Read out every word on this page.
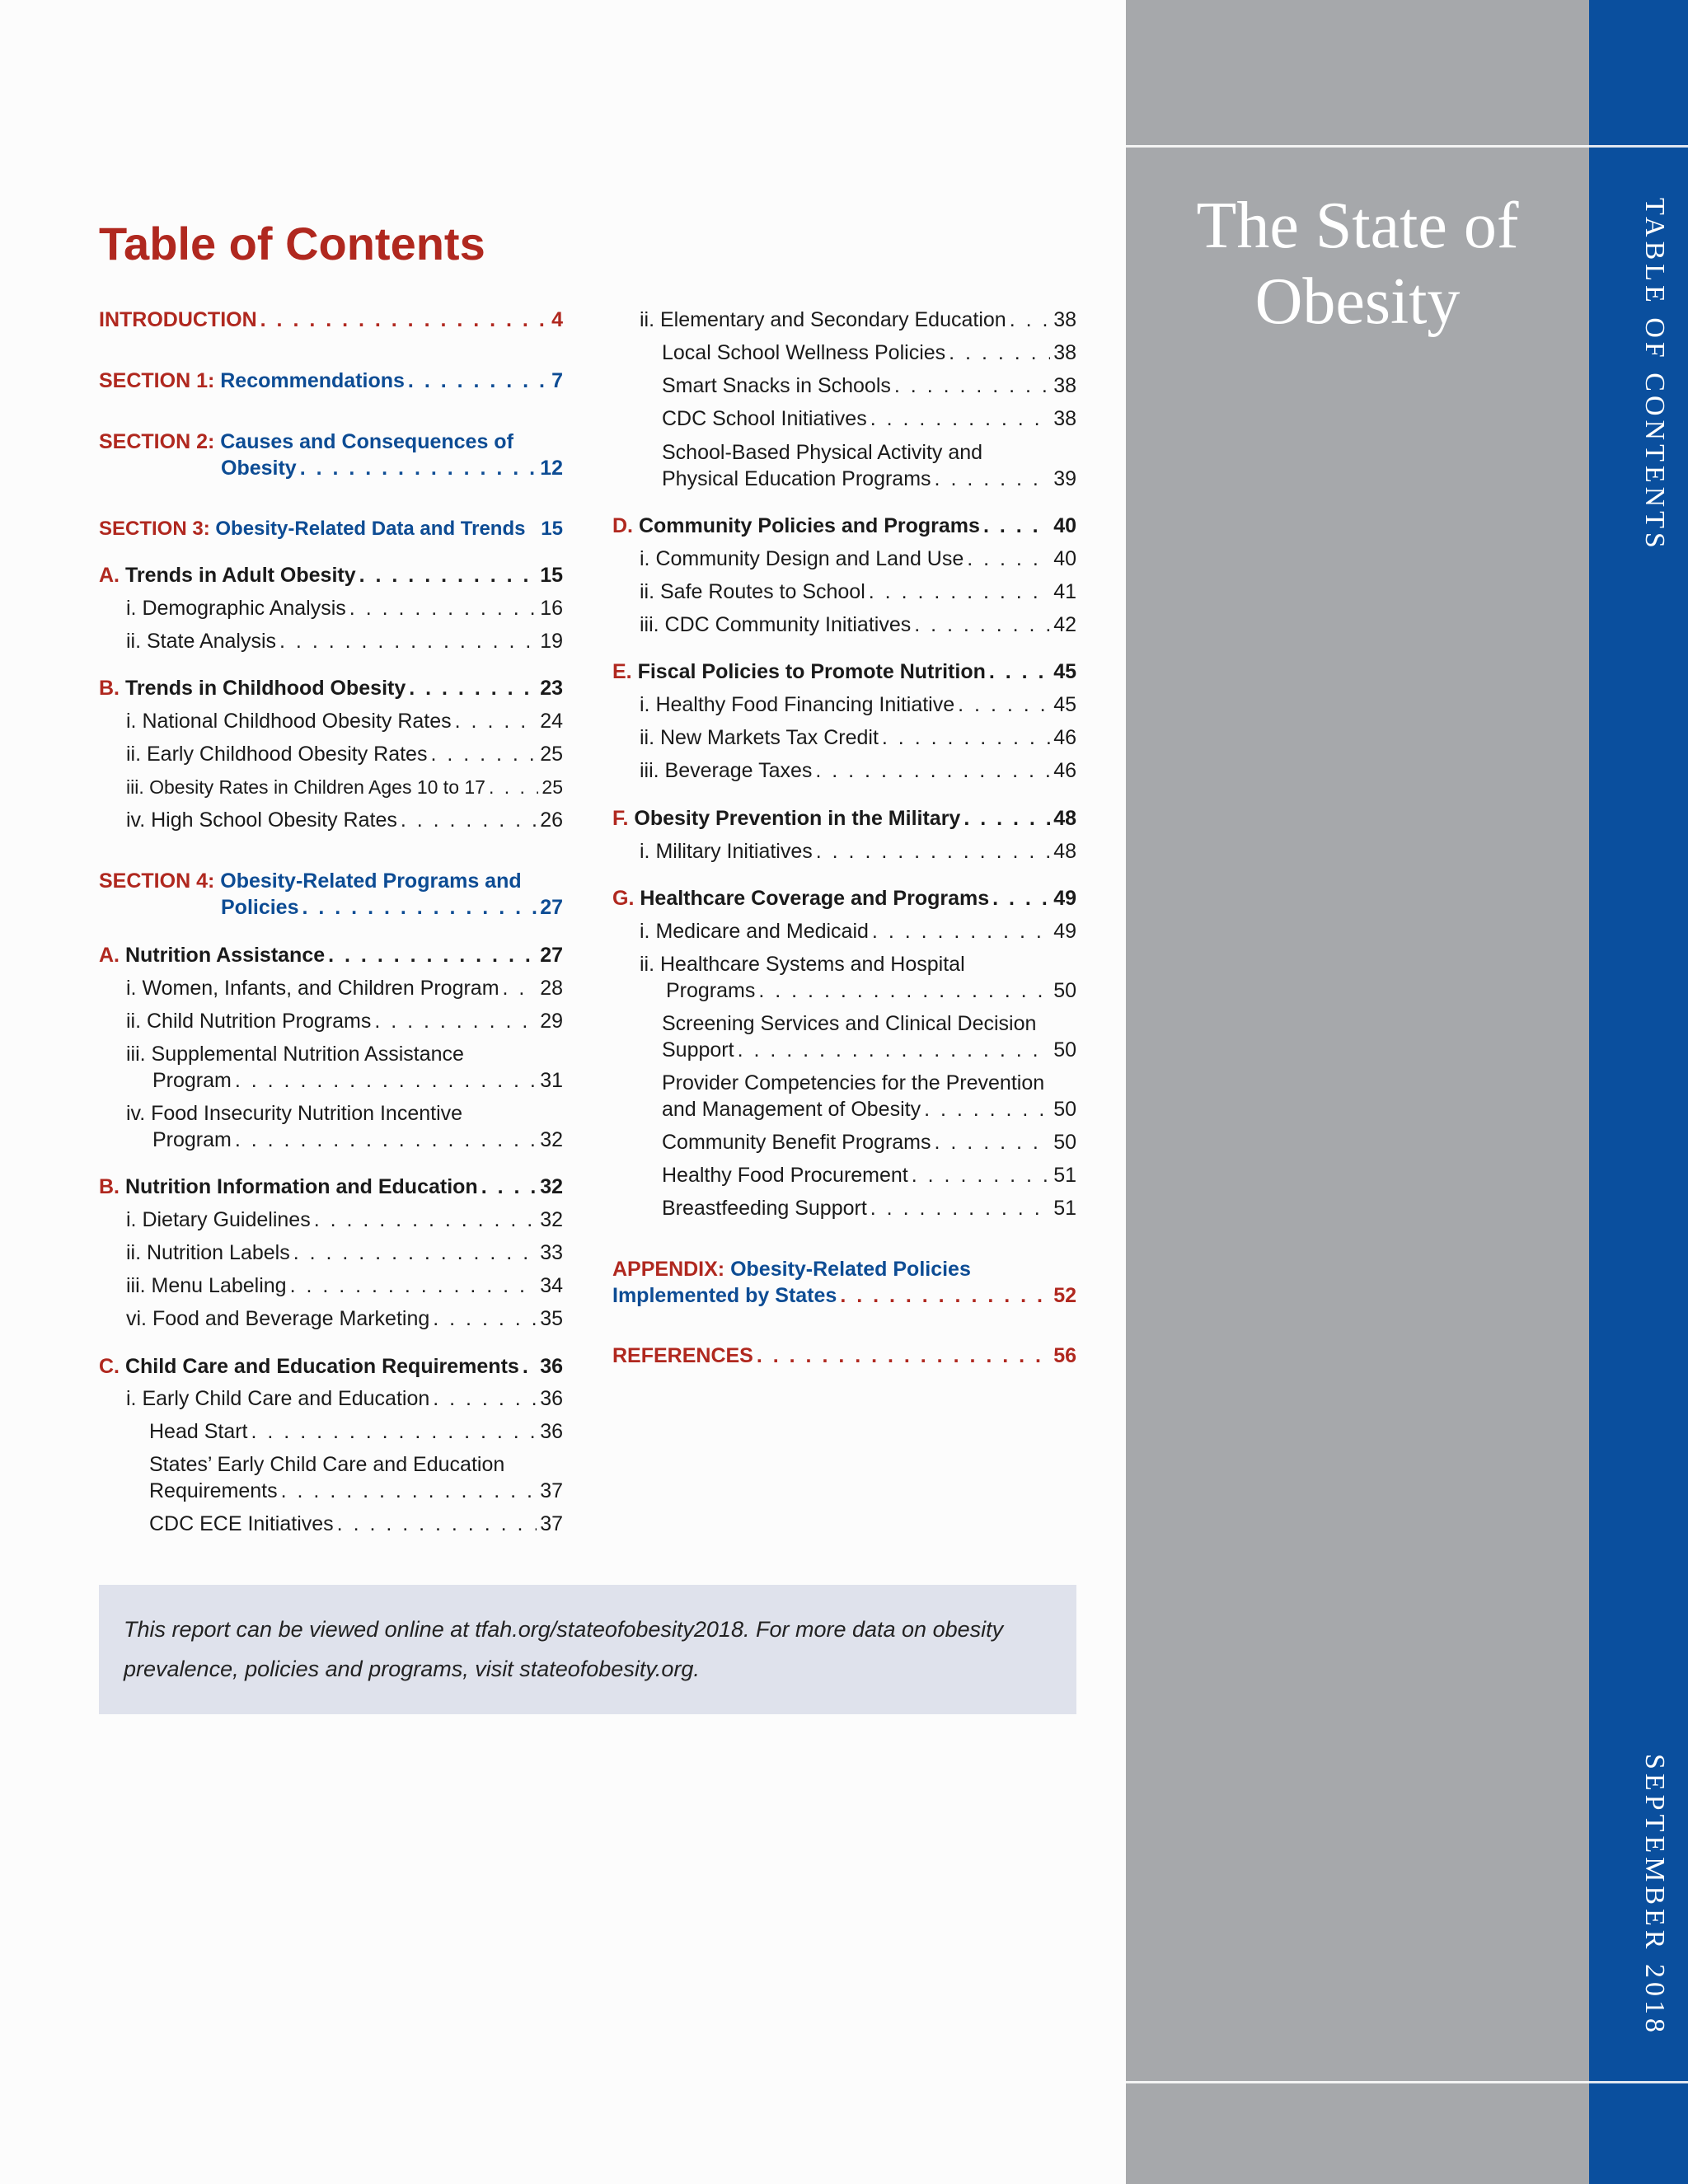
The State of Obesity	TABLE OF CONTENTS
SEPTEMBER 2018
Table of Contents
INTRODUCTION . . .	4
SECTION 1:
Recommendations . . .	7
SECTION 2:
Causes and Consequences of
Obesity . . .	12
SECTION 3:
Obesity-Related Data and Trends 15
A.
Trends in Adult Obesity . . .	15
i. Demographic Analysis . . .	16
ii. State Analysis . . .	19
B.
Trends in Childhood Obesity . . .	23
i. National Childhood Obesity Rates . . .	24
ii. Early Childhood Obesity Rates . . .	25
iii. Obesity Rates in Children Ages 10 to 17 . . .	25
iv. High School Obesity Rates . . .	26
SECTION 4:
Obesity-Related Programs and
Policies . . .	27
A.
Nutrition Assistance . . .	27
i. Women, Infants, and Children Program . . . 28
ii. Child Nutrition Programs . . .	29
iii. Supplemental Nutrition Assistance
Program . . .	31
iv. Food Insecurity Nutrition Incentive
Program . . .	32
B.
Nutrition Information and Education . . .	32
i. Dietary Guidelines . . .	32
ii. Nutrition Labels . . .	33
iii. Menu Labeling . . .	34
vi. Food and Beverage Marketing . . .	35
C.
Child Care and Education Requirements . . . 36
i. Early Child Care and Education . . .	36
Head Start . . .	36
States’ Early Child Care and Education
Requirements . . .	37
CDC ECE Initiatives . . .	37
ii. Elementary and Secondary Education . . . 38
Local School Wellness Policies . . .	38
Smart Snacks in Schools . . .	38
CDC School Initiatives . . .	38
School-Based Physical Activity and
Physical Education Programs . . .	39
D.
Community Policies and Programs . . .	40
i. Community Design and Land Use . . .	40
ii. Safe Routes to School . . .	41
iii. CDC Community Initiatives . . .	42
E.
Fiscal Policies to Promote Nutrition . . .	45
i. Healthy Food Financing Initiative . . .	45
ii. New Markets Tax Credit . . .	46
iii. Beverage Taxes . . .	46
F.
Obesity Prevention in the Military . . .	48
i. Military Initiatives . . .	48
G.
Healthcare Coverage and Programs . . .	49
i. Medicare and Medicaid . . .	49
ii. Healthcare Systems and Hospital
Programs . . .	50
Screening Services and Clinical Decision
Support . . .	50
Provider Competencies for the Prevention
and Management of Obesity . . .	50
Community Benefit Programs . . .	50
Healthy Food Procurement . . .	51
Breastfeeding Support . . .	51
APPENDIX:
Obesity-Related Policies
Implemented by States . . .	52
REFERENCES . . .	56
This report can be viewed online at tfah.org/stateofobesity2018. For more data on obesity prevalence, policies and programs, visit stateofobesity.org.
